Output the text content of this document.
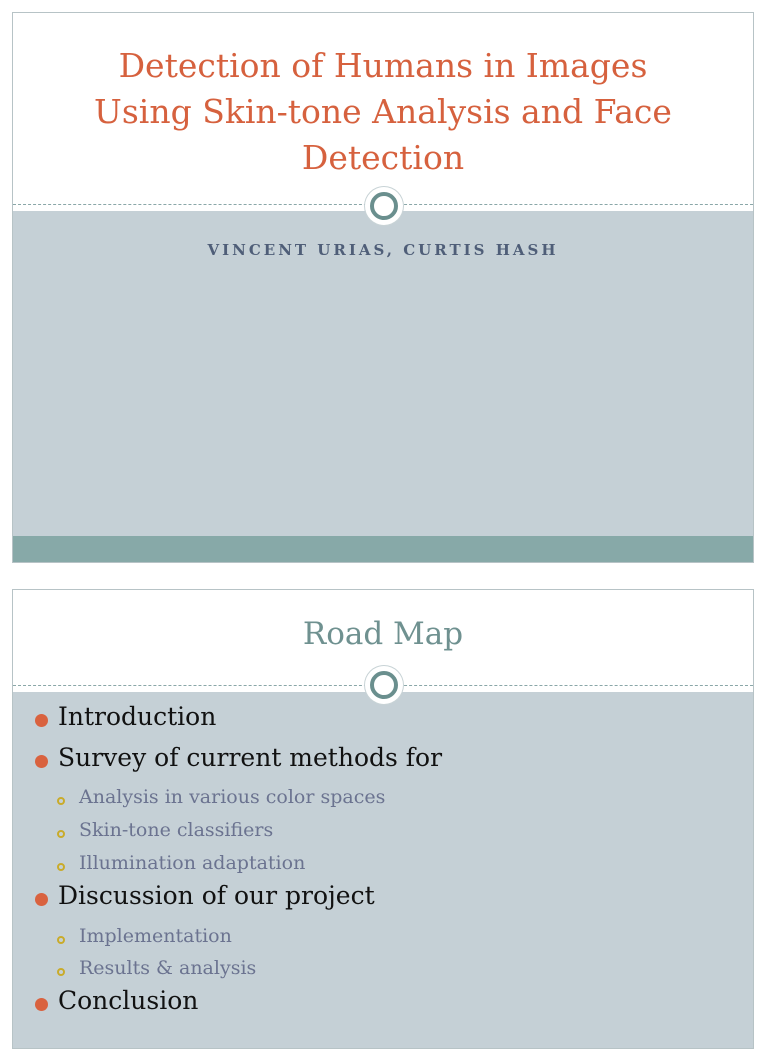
Detection of Humans in Images
Using Skin-tone Analysis and Face
Detection
VINCENT URIAS, CURTIS HASH
Road Map
Introduction
Survey of current methods for
Analysis in various color spaces
Skin-tone classifiers
Illumination adaptation
Discussion of our project
Implementation
Results & analysis
Conclusion
